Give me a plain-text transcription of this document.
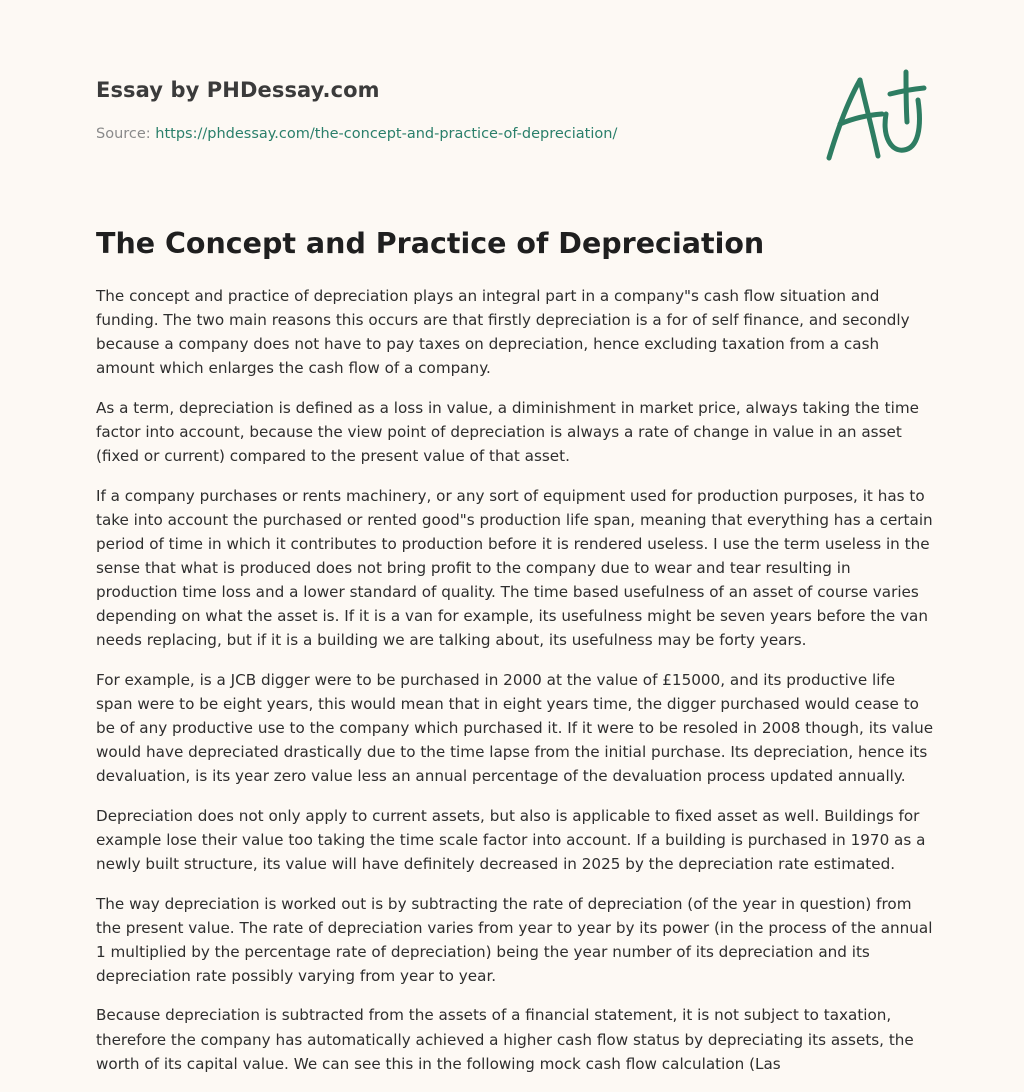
Essay by PHDessay.com
Source: https://phdessay.com/the-concept-and-practice-of-depreciation/
The Concept and Practice of Depreciation

The concept and practice of depreciation plays an integral part in a company"s cash flow situation and funding. The two main reasons this occurs are that firstly depreciation is a for of self finance, and secondly because a company does not have to pay taxes on depreciation, hence excluding taxation from a cash amount which enlarges the cash flow of a company.

As a term, depreciation is defined as a loss in value, a diminishment in market price, always taking the time factor into account, because the view point of depreciation is always a rate of change in value in an asset (fixed or current) compared to the present value of that asset.

If a company purchases or rents machinery, or any sort of equipment used for production purposes, it has to take into account the purchased or rented good"s production life span, meaning that everything has a certain period of time in which it contributes to production before it is rendered useless. I use the term useless in the sense that what is produced does not bring profit to the company due to wear and tear resulting in production time loss and a lower standard of quality. The time based usefulness of an asset of course varies depending on what the asset is. If it is a van for example, its usefulness might be seven years before the van needs replacing, but if it is a building we are talking about, its usefulness may be forty years.

For example, is a JCB digger were to be purchased in 2000 at the value of £15000, and its productive life span were to be eight years, this would mean that in eight years time, the digger purchased would cease to be of any productive use to the company which purchased it. If it were to be resoled in 2008 though, its value would have depreciated drastically due to the time lapse from the initial purchase. Its depreciation, hence its devaluation, is its year zero value less an annual percentage of the devaluation process updated annually.

Depreciation does not only apply to current assets, but also is applicable to fixed asset as well. Buildings for example lose their value too taking the time scale factor into account. If a building is purchased in 1970 as a newly built structure, its value will have definitely decreased in 2025 by the depreciation rate estimated.

The way depreciation is worked out is by subtracting the rate of depreciation (of the year in question) from the present value. The rate of depreciation varies from year to year by its power (in the process of the annual 1 multiplied by the percentage rate of depreciation) being the year number of its depreciation and its depreciation rate possibly varying from year to year.

Because depreciation is subtracted from the assets of a financial statement, it is not subject to taxation, therefore the company has automatically achieved a higher cash flow status by depreciating its assets, the worth of its capital value. We can see this in the following mock cash flow calculation (Las
